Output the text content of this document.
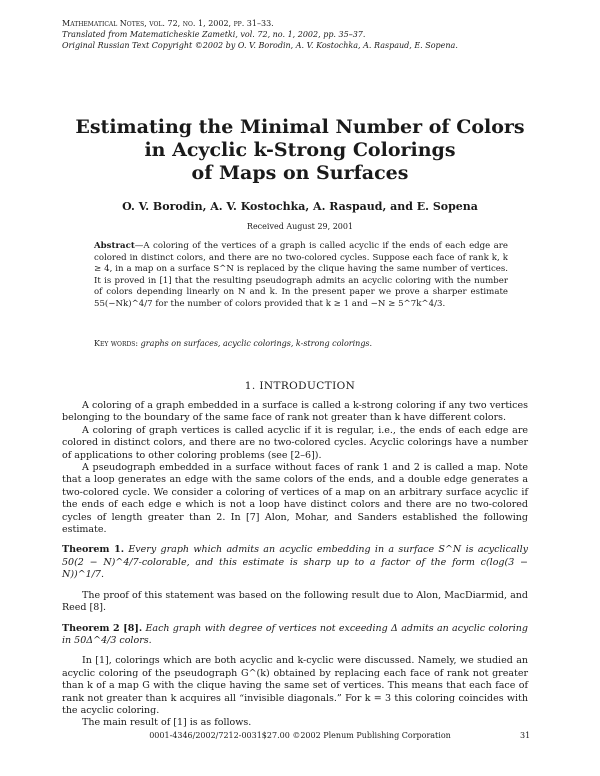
Mathematical Notes, vol. 72, no. 1, 2002, pp. 31–33.
Translated from Matematicheskie Zametki, vol. 72, no. 1, 2002, pp. 35–37.
Original Russian Text Copyright ©2002 by O. V. Borodin, A. V. Kostochka, A. Raspaud, E. Sopena.
Estimating the Minimal Number of Colors
in Acyclic k-Strong Colorings
of Maps on Surfaces
O. V. Borodin, A. V. Kostochka, A. Raspaud, and E. Sopena
Received August 29, 2001
Abstract—A coloring of the vertices of a graph is called acyclic if the ends of each edge are colored in distinct colors, and there are no two-colored cycles. Suppose each face of rank k, k ≥ 4, in a map on a surface S^N is replaced by the clique having the same number of vertices. It is proved in [1] that the resulting pseudograph admits an acyclic coloring with the number of colors depending linearly on N and k. In the present paper we prove a sharper estimate 55(−Nk)^4/7 for the number of colors provided that k ≥ 1 and −N ≥ 5^7k^4/3.
Key words: graphs on surfaces, acyclic colorings, k-strong colorings.
1. INTRODUCTION

A coloring of a graph embedded in a surface is called a k-strong coloring if any two vertices belonging to the boundary of the same face of rank not greater than k have different colors.

A coloring of graph vertices is called acyclic if it is regular, i.e., the ends of each edge are colored in distinct colors, and there are no two-colored cycles. Acyclic colorings have a number of applications to other coloring problems (see [2–6]).

A pseudograph embedded in a surface without faces of rank 1 and 2 is called a map. Note that a loop generates an edge with the same colors of the ends, and a double edge generates a two-colored cycle. We consider a coloring of vertices of a map on an arbitrary surface acyclic if the ends of each edge e which is not a loop have distinct colors and there are no two-colored cycles of length greater than 2. In [7] Alon, Mohar, and Sanders established the following estimate.

Theorem 1. Every graph which admits an acyclic embedding in a surface S^N is acyclically 50(2 − N)^4/7-colorable, and this estimate is sharp up to a factor of the form c(log(3 − N))^1/7.

The proof of this statement was based on the following result due to Alon, MacDiarmid, and Reed [8].

Theorem 2 [8]. Each graph with degree of vertices not exceeding Δ admits an acyclic coloring in 50Δ^4/3 colors.

In [1], colorings which are both acyclic and k-cyclic were discussed. Namely, we studied an acyclic coloring of the pseudograph G^(k) obtained by replacing each face of rank not greater than k of a map G with the clique having the same set of vertices. This means that each face of rank not greater than k acquires all “invisible diagonals.” For k = 3 this coloring coincides with the acyclic coloring.

The main result of [1] is as follows.

0001-4346/2002/7212-0031$27.00 ©2002 Plenum Publishing Corporation	31
